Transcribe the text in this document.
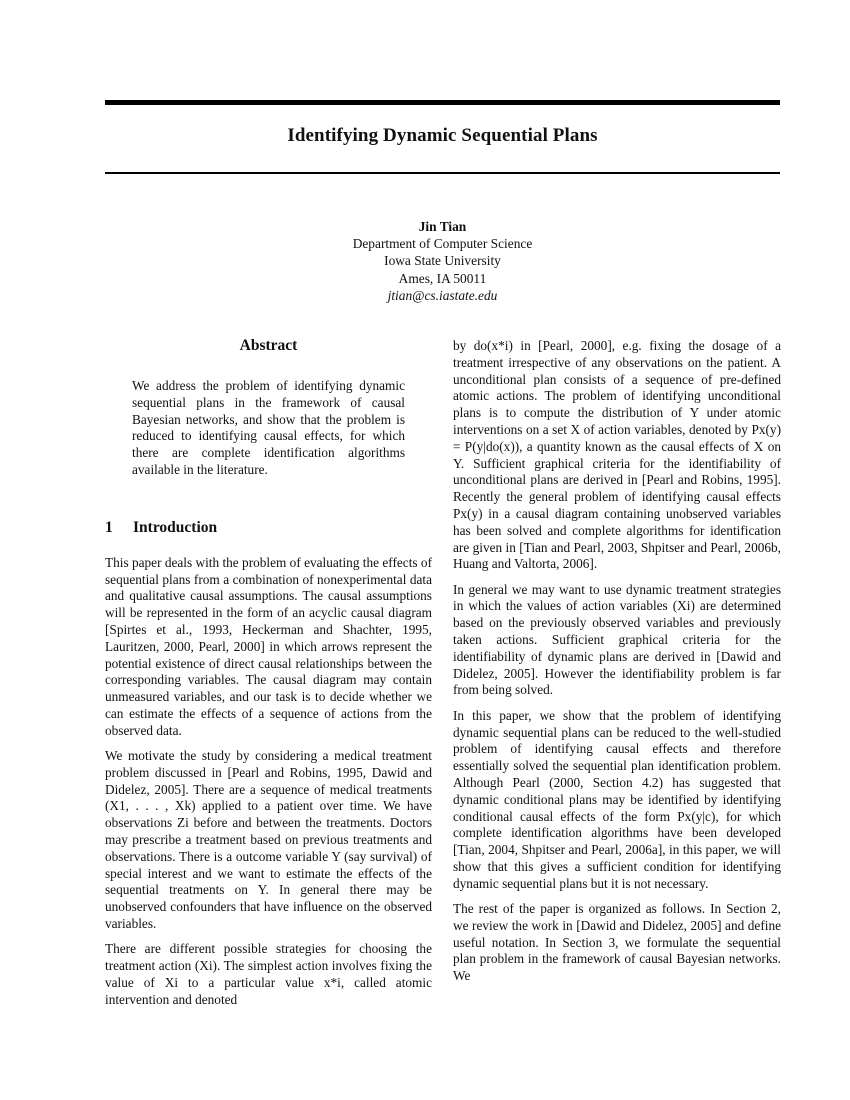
Identifying Dynamic Sequential Plans
Jin Tian
Department of Computer Science
Iowa State University
Ames, IA 50011
jtian@cs.iastate.edu
Abstract

We address the problem of identifying dynamic sequential plans in the framework of causal Bayesian networks, and show that the problem is reduced to identifying causal effects, for which there are complete identification algorithms available in the literature.

1 Introduction

This paper deals with the problem of evaluating the effects of sequential plans from a combination of nonexperimental data and qualitative causal assumptions. The causal assumptions will be represented in the form of an acyclic causal diagram [Spirtes et al., 1993, Heckerman and Shachter, 1995, Lauritzen, 2000, Pearl, 2000] in which arrows represent the potential existence of direct causal relationships between the corresponding variables. The causal diagram may contain unmeasured variables, and our task is to decide whether we can estimate the effects of a sequence of actions from the observed data.

We motivate the study by considering a medical treatment problem discussed in [Pearl and Robins, 1995, Dawid and Didelez, 2005]. There are a sequence of medical treatments (X1, . . . , Xk) applied to a patient over time. We have observations Zi before and between the treatments. Doctors may prescribe a treatment based on previous treatments and observations. There is a outcome variable Y (say survival) of special interest and we want to estimate the effects of the sequential treatments on Y. In general there may be unobserved confounders that have influence on the observed variables.

There are different possible strategies for choosing the treatment action (Xi). The simplest action involves fixing the value of Xi to a particular value x*i, called atomic intervention and denoted

by do(x*i) in [Pearl, 2000], e.g. fixing the dosage of a treatment irrespective of any observations on the patient. A unconditional plan consists of a sequence of pre-defined atomic actions. The problem of identifying unconditional plans is to compute the distribution of Y under atomic interventions on a set X of action variables, denoted by Px(y) = P(y|do(x)), a quantity known as the causal effects of X on Y. Sufficient graphical criteria for the identifiability of unconditional plans are derived in [Pearl and Robins, 1995]. Recently the general problem of identifying causal effects Px(y) in a causal diagram containing unobserved variables has been solved and complete algorithms for identification are given in [Tian and Pearl, 2003, Shpitser and Pearl, 2006b, Huang and Valtorta, 2006].

In general we may want to use dynamic treatment strategies in which the values of action variables (Xi) are determined based on the previously observed variables and previously taken actions. Sufficient graphical criteria for the identifiability of dynamic plans are derived in [Dawid and Didelez, 2005]. However the identifiability problem is far from being solved.

In this paper, we show that the problem of identifying dynamic sequential plans can be reduced to the well-studied problem of identifying causal effects and therefore essentially solved the sequential plan identification problem. Although Pearl (2000, Section 4.2) has suggested that dynamic conditional plans may be identified by identifying conditional causal effects of the form Px(y|c), for which complete identification algorithms have been developed [Tian, 2004, Shpitser and Pearl, 2006a], in this paper, we will show that this gives a sufficient condition for identifying dynamic sequential plans but it is not necessary.

The rest of the paper is organized as follows. In Section 2, we review the work in [Dawid and Didelez, 2005] and define useful notation. In Section 3, we formulate the sequential plan problem in the framework of causal Bayesian networks. We
